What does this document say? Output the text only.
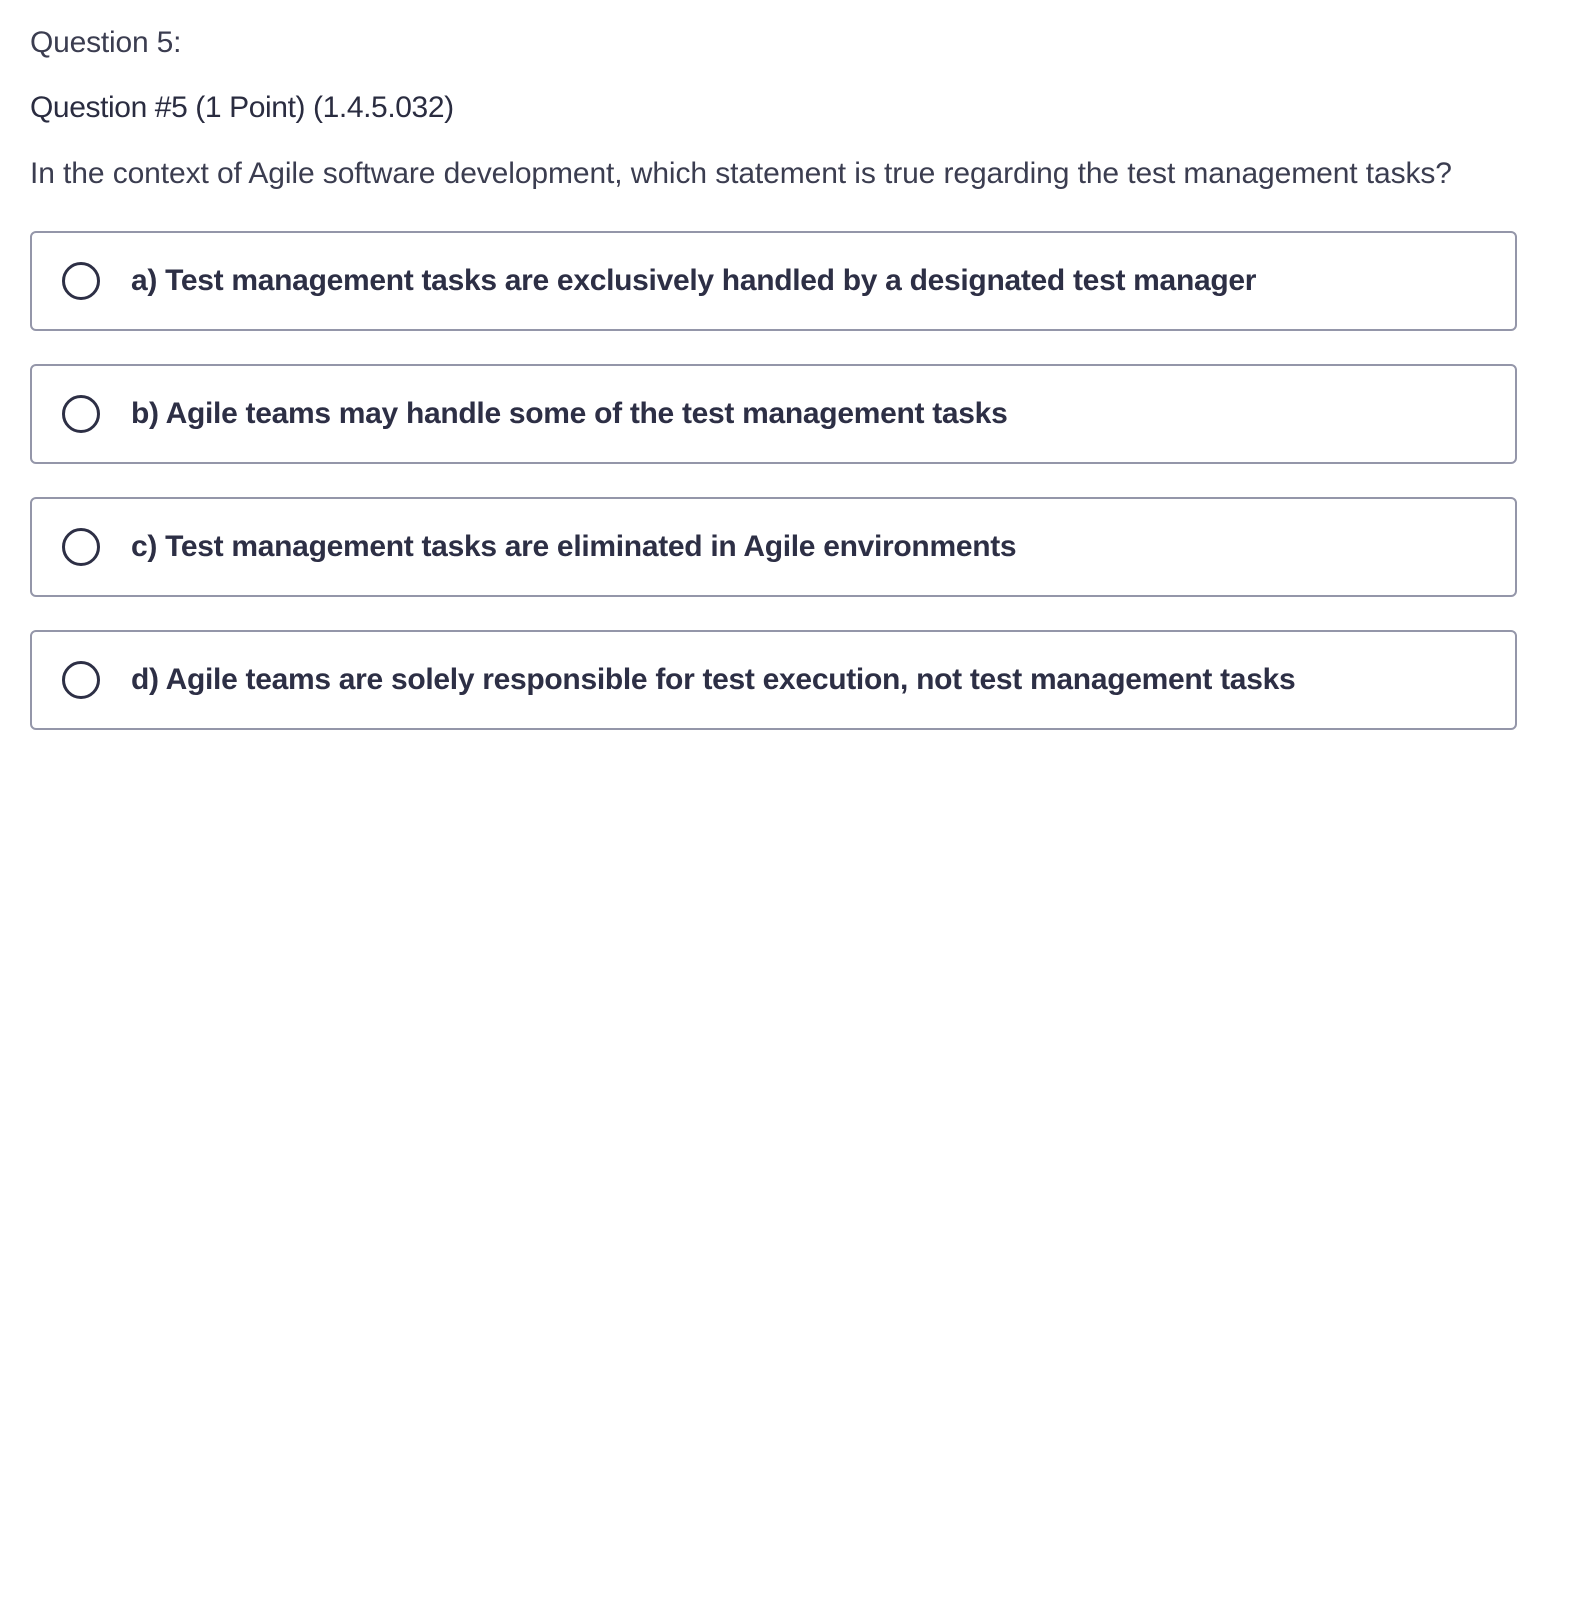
Question 5:
Question #5 (1 Point) (1.4.5.032)
In the context of Agile software development, which statement is true regarding the test management tasks?
a) Test management tasks are exclusively handled by a designated test manager
b) Agile teams may handle some of the test management tasks
c) Test management tasks are eliminated in Agile environments
d) Agile teams are solely responsible for test execution, not test management tasks
